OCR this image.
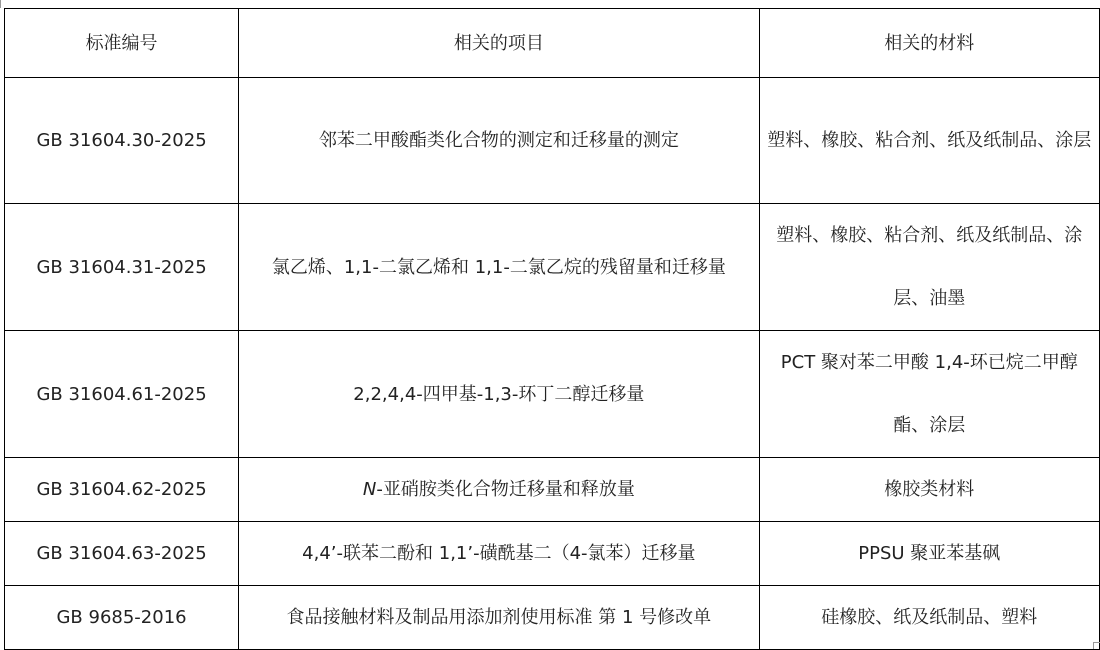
标准编号	相关的项目	相关的材料
GB 31604.30-2025	邻苯二甲酸酯类化合物的测定和迁移量的测定	塑料、橡胶、粘合剂、纸及纸制品、涂层
GB 31604.31-2025	氯乙烯、1,1-二氯乙烯和 1,1-二氯乙烷的残留量和迁移量	塑料、橡胶、粘合剂、纸及纸制品、涂层、油墨
GB 31604.61-2025	2,2,4,4-四甲基-1,3-环丁二醇迁移量	PCT 聚对苯二甲酸 1,4-环已烷二甲醇酯、涂层
GB 31604.62-2025	N-亚硝胺类化合物迁移量和释放量	橡胶类材料
GB 31604.63-2025	4,4’-联苯二酚和 1,1’-磺酰基二（4-氯苯）迁移量	PPSU 聚亚苯基砜
GB 9685-2016	食品接触材料及制品用添加剂使用标准 第 1 号修改单	硅橡胶、纸及纸制品、塑料
